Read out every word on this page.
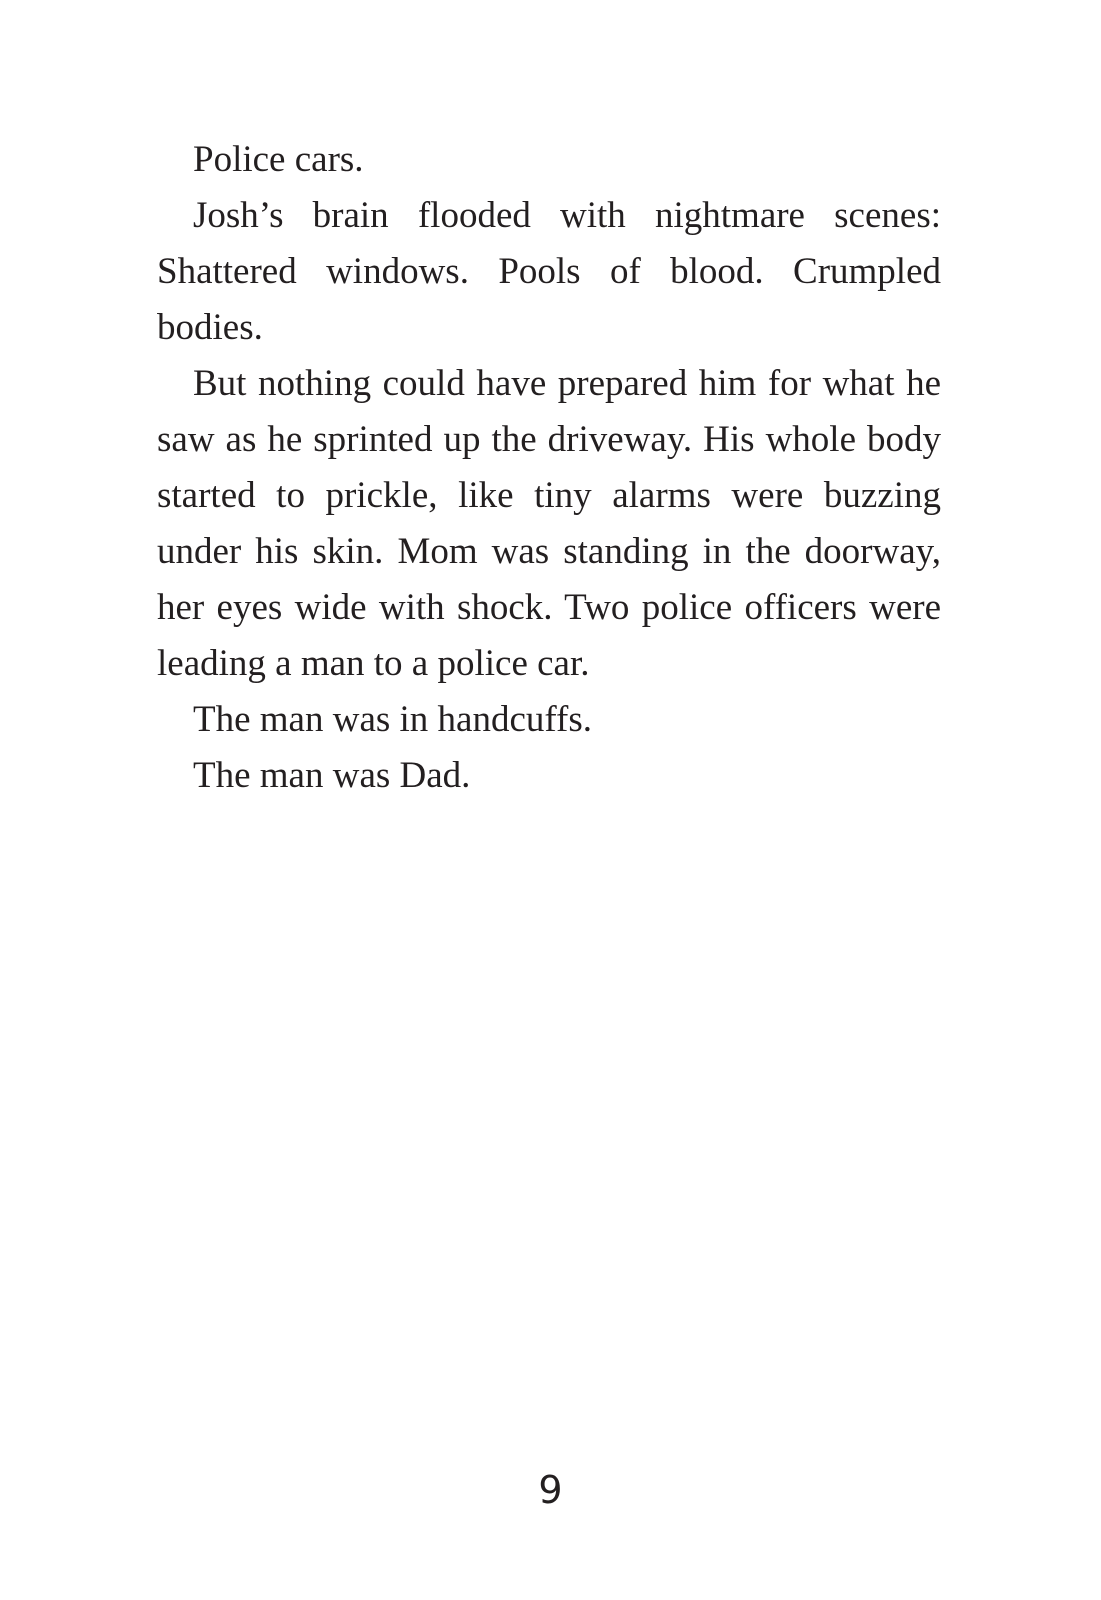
Police cars.

Josh’s brain flooded with nightmare scenes: Shattered windows. Pools of blood. Crumpled bodies.

But nothing could have prepared him for what he saw as he sprinted up the driveway. His whole body started to prickle, like tiny alarms were buzzing under his skin. Mom was standing in the doorway, her eyes wide with shock. Two police officers were leading a man to a police car.

The man was in handcuffs.

The man was Dad.

9
